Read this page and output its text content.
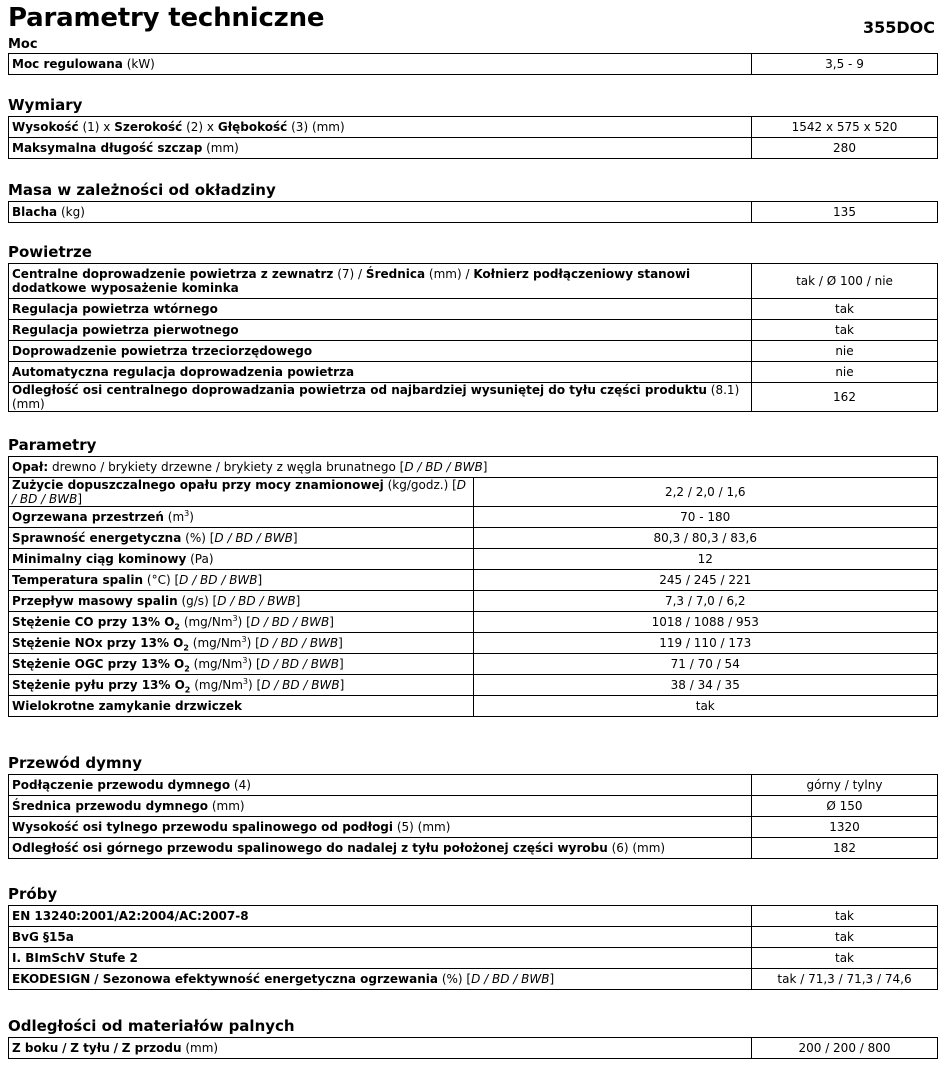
Parametry techniczne	355DOC
Moc
Moc regulowana (kW)	3,5 - 9
Wymiary
Wysokość (1) x Szerokość (2) x Głębokość (3) (mm)	1542 x 575 x 520
Maksymalna długość szczap (mm)	280
Masa w zależności od okładziny
Blacha (kg)	135
Powietrze
Centralne doprowadzenie powietrza z zewnatrz (7) / Średnica (mm) / Kołnierz podłączeniowy stanowi dodatkowe wyposażenie kominka	tak / Ø 100 / nie
Regulacja powietrza wtórnego	tak
Regulacja powietrza pierwotnego	tak
Doprowadzenie powietrza trzeciorzędowego	nie
Automatyczna regulacja doprowadzenia powietrza	nie
Odległość osi centralnego doprowadzania powietrza od najbardziej wysuniętej do tyłu części produktu (8.1) (mm)	162
Parametry
Opał: drewno / brykiety drzewne / brykiety z węgla brunatnego [D / BD / BWB]	
Zużycie dopuszczalnego opału przy mocy znamionowej (kg/godz.) [D / BD / BWB]	2,2 / 2,0 / 1,6
Ogrzewana przestrzeń $(m^3)$	70 - 180
Sprawność energetyczna (%) [D / BD / BWB]	80,3 / 80,3 / 83,6
Minimalny ciąg kominowy (Pa)	12
Temperatura spalin (°C) [D / BD / BWB]	245 / 245 / 221
Przepływ masowy spalin (g/s) [D / BD / BWB]	7,3 / 7,0 / 6,2
Stężenie CO przy 13% $O_2$ (mg/Nm$^3$) [D / BD / BWB]	1018 / 1088 / 953
Stężenie NOx przy 13% $O_2$ (mg/Nm$^3$) [D / BD / BWB]	119 / 110 / 173
Stężenie OGC przy 13% $O_2$ (mg/Nm$^3$) [D / BD / BWB]	71 / 70 / 54
Stężenie pyłu przy 13% $O_2$ (mg/Nm$^3$) [D / BD / BWB]	38 / 34 / 35
Wielokrotne zamykanie drzwiczek	tak
Przewód dymny
Podłączenie przewodu dymnego (4)	górny / tylny
Średnica przewodu dymnego (mm)	Ø 150
Wysokość osi tylnego przewodu spalinowego od podłogi (5) (mm)	1320
Odległość osi górnego przewodu spalinowego do nadalej z tyłu położonej części wyrobu (6) (mm)	182
Próby
EN 13240:2001/A2:2004/AC:2007-8	tak
BvG §15a	tak
I. BImSchV Stufe 2	tak
EKODESIGN / Sezonowa efektywność energetyczna ogrzewania (%) [D / BD / BWB]	tak / 71,3 / 71,3 / 74,6
Odległości od materiałów palnych
Z boku / Z tyłu / Z przodu (mm)	200 / 200 / 800
